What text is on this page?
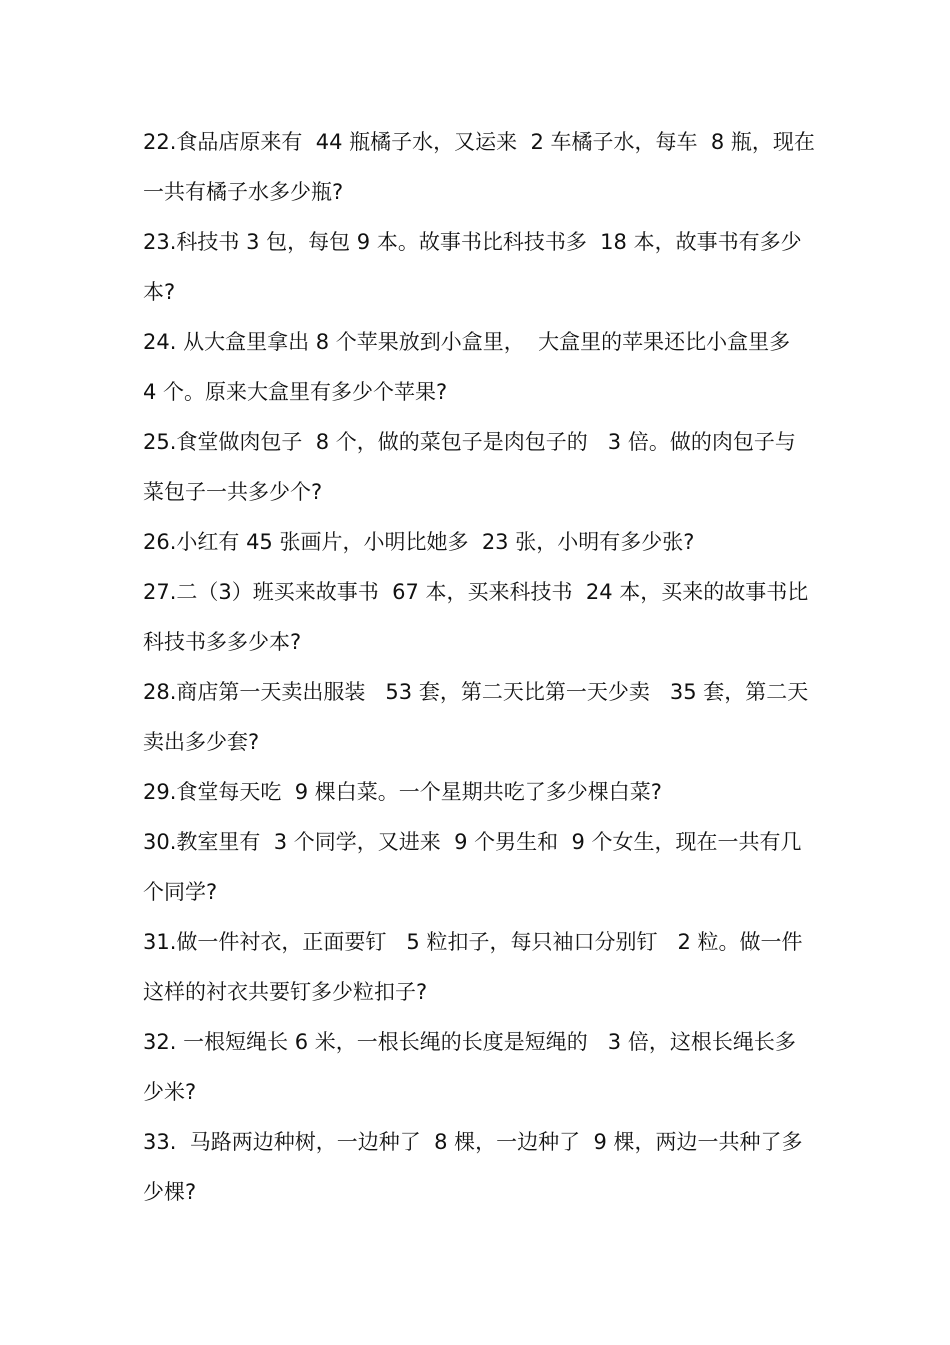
22.食品店原来有  44 瓶橘子水，又运来  2 车橘子水，每车  8 瓶，现在
一共有橘子水多少瓶?
23.科技书 3 包，每包 9 本。故事书比科技书多  18 本，故事书有多少
本?
24. 从大盒里拿出 8 个苹果放到小盒里，  大盒里的苹果还比小盒里多
4 个。原来大盒里有多少个苹果?
25.食堂做肉包子  8 个，做的菜包子是肉包子的   3 倍。做的肉包子与
菜包子一共多少个?
26.小红有 45 张画片，小明比她多  23 张，小明有多少张?
27.二（3）班买来故事书  67 本，买来科技书  24 本，买来的故事书比
科技书多多少本?
28.商店第一天卖出服装   53 套，第二天比第一天少卖   35 套，第二天
卖出多少套?
29.食堂每天吃  9 棵白菜。一个星期共吃了多少棵白菜?
30.教室里有  3 个同学，又进来  9 个男生和  9 个女生，现在一共有几
个同学?
31.做一件衬衣，正面要钉   5 粒扣子，每只袖口分别钉   2 粒。做一件
这样的衬衣共要钉多少粒扣子?
32. 一根短绳长 6 米，一根长绳的长度是短绳的   3 倍，这根长绳长多
少米?
33.  马路两边种树，一边种了  8 棵，一边种了  9 棵，两边一共种了多
少棵?
